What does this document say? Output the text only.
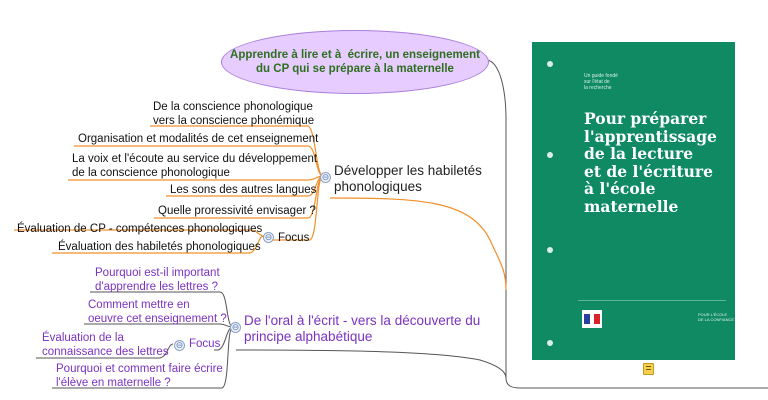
Apprendre à lire et à  écrire, un enseignement
du CP qui se prépare à la maternelle
De la conscience phonologique
vers la conscience phonémique
Organisation et modalités de cet enseignement
La voix et l'écoute au service du développement
de la conscience phonologique
Les sons des autres langues
Quelle proressivité envisager ?
⊖ Focus
Évaluation de CP - compétences phonologiques
Évaluation des habiletés phonologiques
⊖ Développer les habiletés
phonologiques
Pourquoi est-il important
d'apprendre les lettres ?
Comment mettre en
oeuvre cet enseignement ?
Pourquoi et comment faire écrire
l'élève en maternelle ?
⊖ Focus
Évaluation de la
connaissance des lettres
⊖ De l'oral à l'écrit - vers la découverte du
principe alphabétique
Un guide fondé
sur l'état de
la recherche
Pour préparer
l'apprentissage
de la lecture
et de l'écriture
à l'école
maternelle
POUR L'ÉCOLE
DE LA CONFIANCE
